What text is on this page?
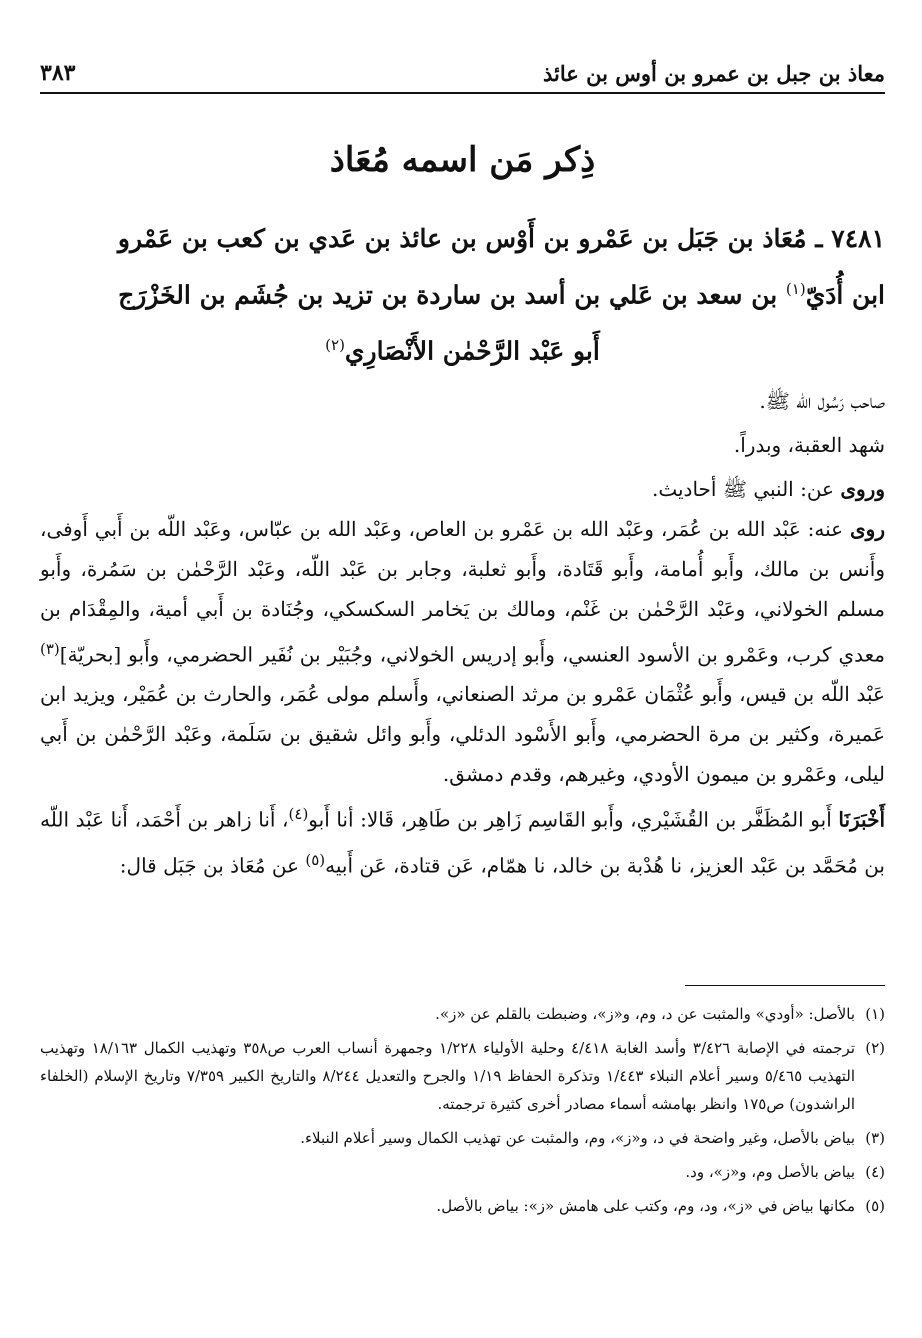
معاذ بن جبل بن عمرو بن أوس بن عائذ
٣٨٣
ذِكر مَن اسمه مُعَاذ
٧٤٨١ ـ مُعَاذ بن جَبَل بن عَمْرو بن أَوْس بن عائذ بن عَدي بن كعب بن عَمْرو
ابن أُدَيّ$^{(١)}$ بن سعد بن عَلي بن أسد بن ساردة بن تزيد بن جُشَم بن الخَزْرَج
أَبو عَبْد الرَّحْمٰن الأَنْصَارِي$^{(٢)}$

صاحب رَسُول الله ﷺ.

شهد العقبة، وبدراً.

وروى عن: النبي ﷺ أحاديث.

روى عنه: عَبْد الله بن عُمَر، وعَبْد الله بن عَمْرو بن العاص، وعَبْد الله بن عبّاس، وعَبْد اللّه بن أَبي أَوفى، وأَنس بن مالك، وأَبو أُمامة، وأَبو قَتَادة، وأَبو ثعلبة، وجابر بن عَبْد اللّه، وعَبْد الرَّحْمٰن بن سَمُرة، وأَبو مسلم الخولاني، وعَبْد الرَّحْمٰن بن غَنْم، ومالك بن يَخامر السكسكي، وجُنَادة بن أَبي أمية، والمِقْدَام بن معدي كرب، وعَمْرو بن الأسود العنسي، وأَبو إدريس الخولاني، وجُبَيْر بن نُفَير الحضرمي، وأَبو [بحريّة]$^{(٣)}$ عَبْد اللّه بن قيس، وأَبو عُثْمَان عَمْرو بن مرثد الصنعاني، وأَسلم مولى عُمَر، والحارث بن عُمَيْر، ويزيد ابن عَميرة، وكثير بن مرة الحضرمي، وأَبو الأَسْود الدئلي، وأَبو وائل شقيق بن سَلَمة، وعَبْد الرَّحْمٰن بن أَبي ليلى، وعَمْرو بن ميمون الأودي، وغيرهم، وقدم دمشق.

أَخْبَرَنَا أَبو المُظَفَّر بن القُشَيْري، وأَبو القَاسِم زَاهِر بن طَاهِر، قَالا: أنا أَبو$^{(٤)}$، أَنا زاهر بن أَحْمَد، أَنا عَبْد اللّه بن مُحَمَّد بن عَبْد العزيز، نا هُدْبة بن خالد، نا همّام، عَن قتادة، عَن أَبيه$^{(٥)}$ عن مُعَاذ بن جَبَل قال:

(١)
بالأصل: «أودي» والمثبت عن د، وم، و«ز»، وضبطت بالقلم عن «ز».
(٢)
ترجمته في الإصابة ٣/٤٢٦ وأسد الغابة ٤/٤١٨ وحلية الأولياء ١/٢٢٨ وجمهرة أنساب العرب ص٣٥٨ وتهذيب الكمال ١٨/١٦٣ وتهذيب التهذيب ٥/٤٦٥ وسير أعلام النبلاء ١/٤٤٣ وتذكرة الحفاظ ١/١٩ والجرح والتعديل ٨/٢٤٤ والتاريخ الكبير ٧/٣٥٩ وتاريخ الإسلام (الخلفاء الراشدون) ص١٧٥ وانظر بهامشه أسماء مصادر أخرى كثيرة ترجمته.
(٣)
بياض بالأصل، وغير واضحة في د، و«ز»، وم، والمثبت عن تهذيب الكمال وسير أعلام النبلاء.
(٤)
بياض بالأصل وم، و«ز»، ود.
(٥)
مكانها بياض في «ز»، ود، وم، وكتب على هامش «ز»: بياض بالأصل.
